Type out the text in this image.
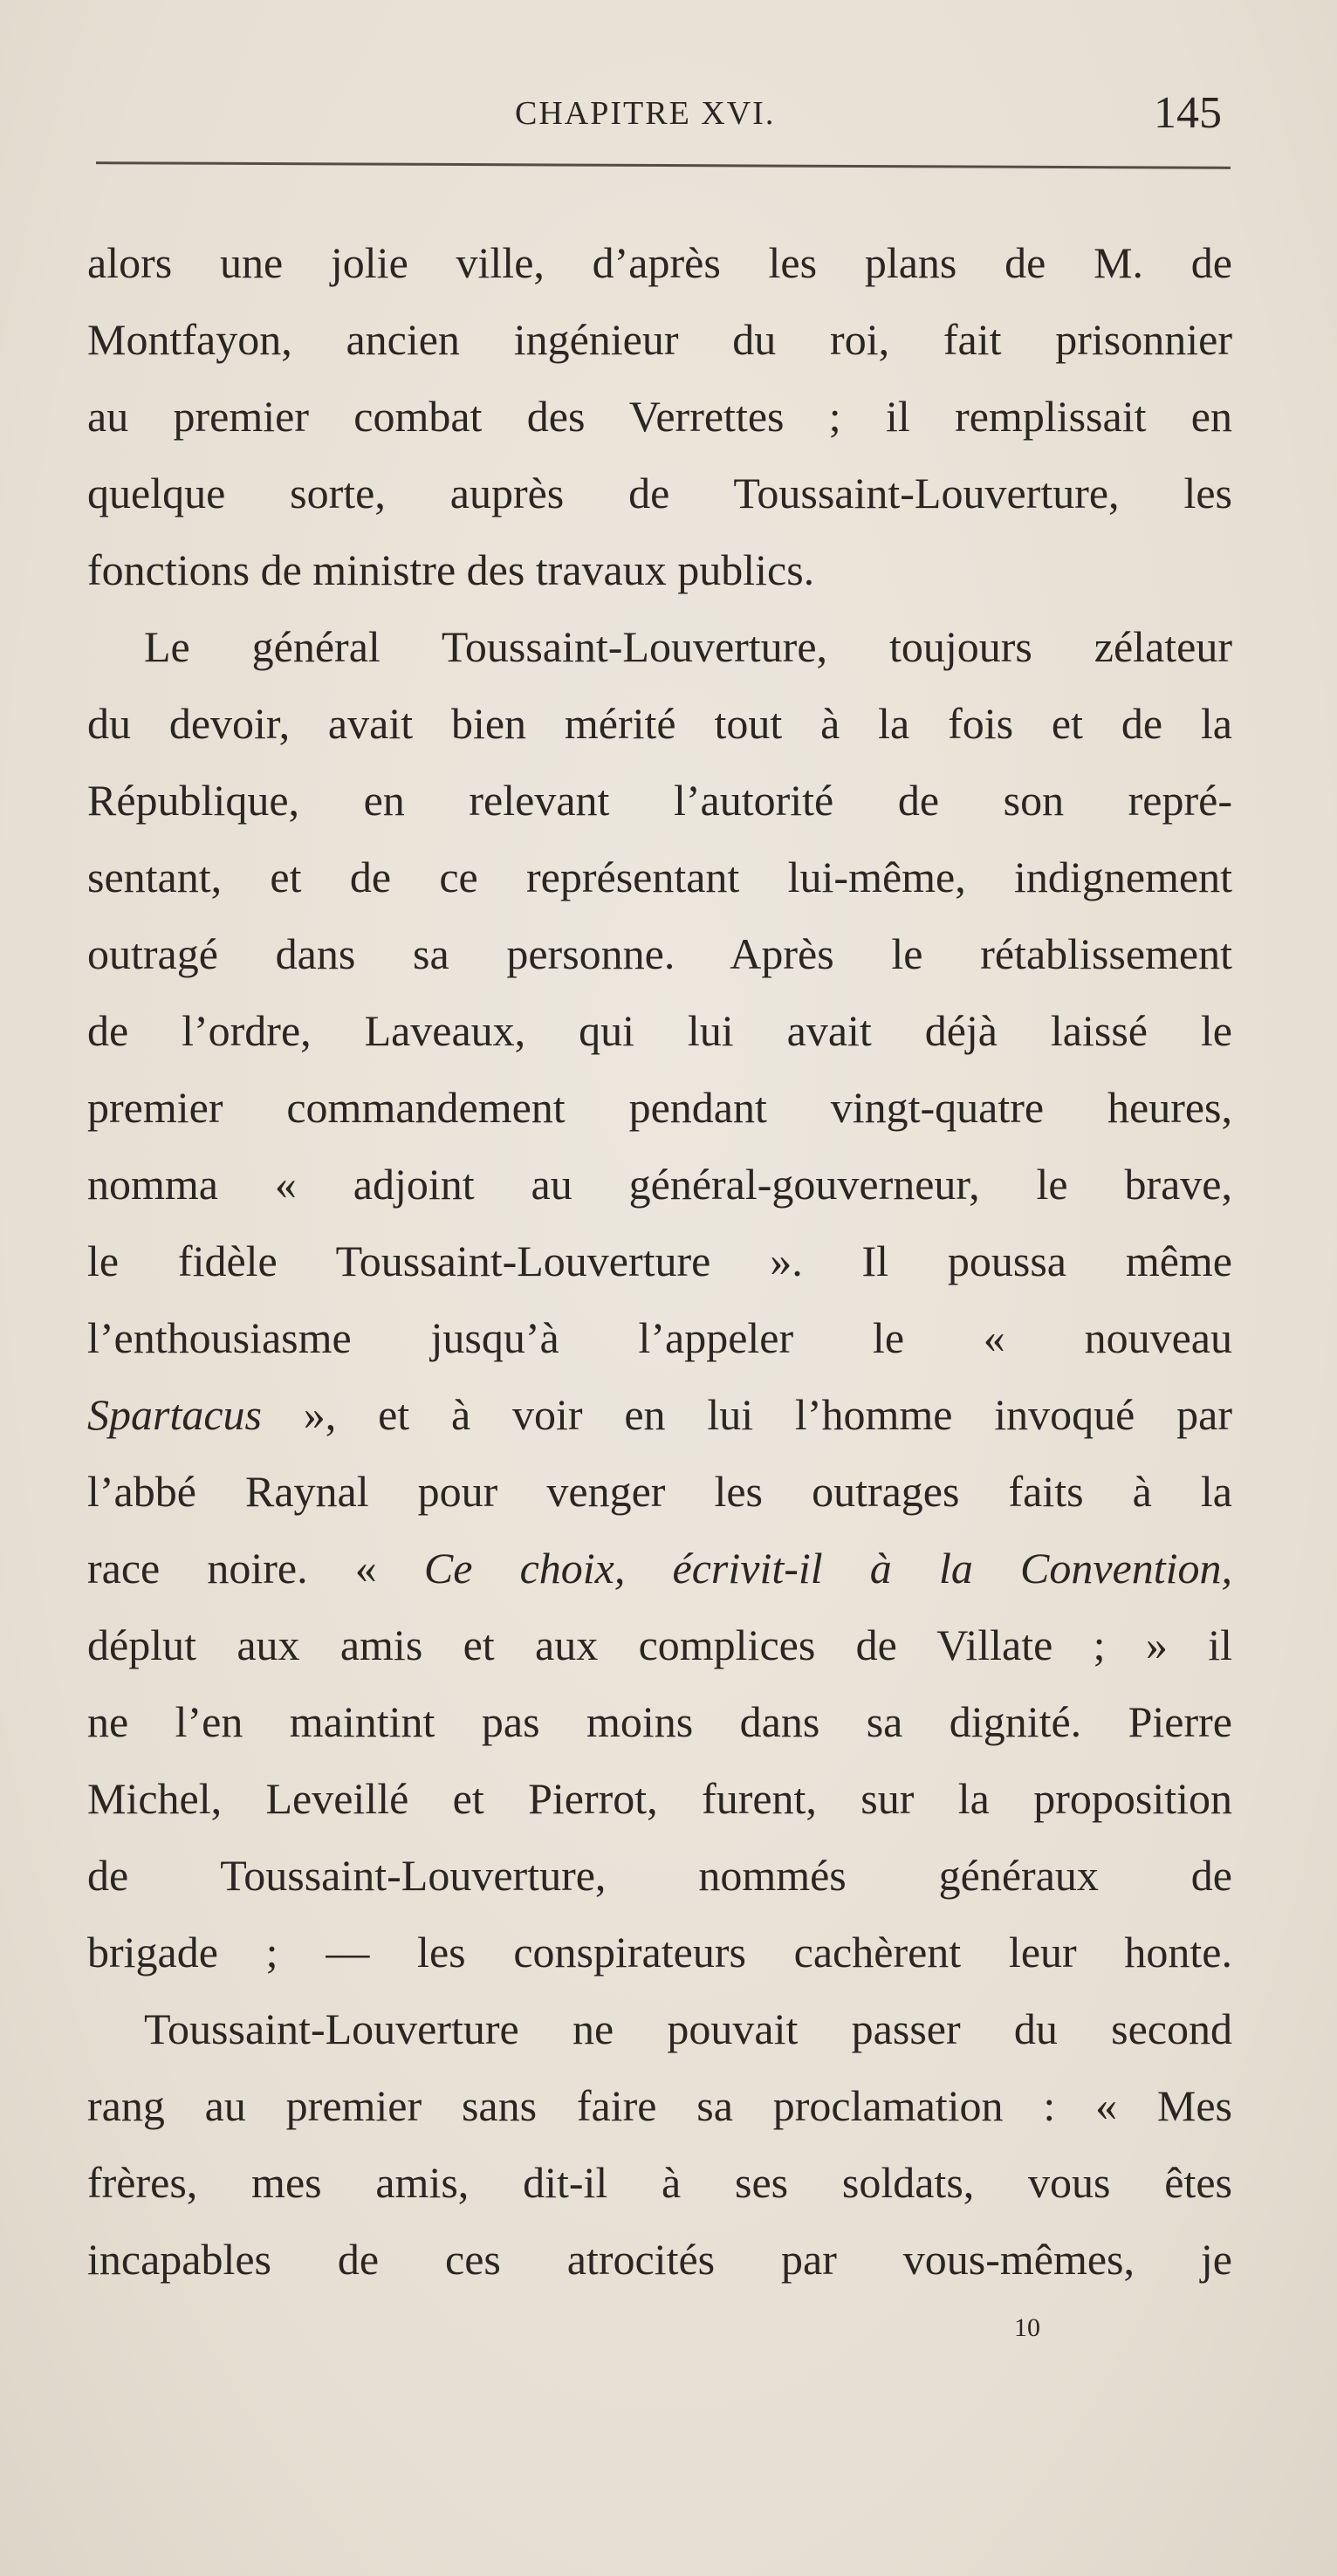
CHAPITRE XVI.	145
alors une jolie ville, d’après les plans de M. de
Montfayon, ancien ingénieur du roi, fait prisonnier
au premier combat des Verrettes ; il remplissait en
quelque sorte, auprès de Toussaint-Louverture, les
fonctions de ministre des travaux publics.
Le général Toussaint-Louverture, toujours zélateur
du devoir, avait bien mérité tout à la fois et de la
République, en relevant l’autorité de son repré-
sentant, et de ce représentant lui-même, indignement
outragé dans sa personne. Après le rétablissement
de l’ordre, Laveaux, qui lui avait déjà laissé le
premier commandement pendant vingt-quatre heures,
nomma « adjoint au général-gouverneur, le brave,
le fidèle Toussaint-Louverture ». Il poussa même
l’enthousiasme jusqu’à l’appeler le « nouveau
Spartacus », et à voir en lui l’homme invoqué par
l’abbé Raynal pour venger les outrages faits à la
race noire. « Ce choix, écrivit-il à la Convention,
déplut aux amis et aux complices de Villate ; » il
ne l’en maintint pas moins dans sa dignité. Pierre
Michel, Leveillé et Pierrot, furent, sur la proposition
de Toussaint-Louverture, nommés généraux de
brigade ; — les conspirateurs cachèrent leur honte.
Toussaint-Louverture ne pouvait passer du second
rang au premier sans faire sa proclamation : « Mes
frères, mes amis, dit-il à ses soldats, vous êtes
incapables de ces atrocités par vous-mêmes, je
10
